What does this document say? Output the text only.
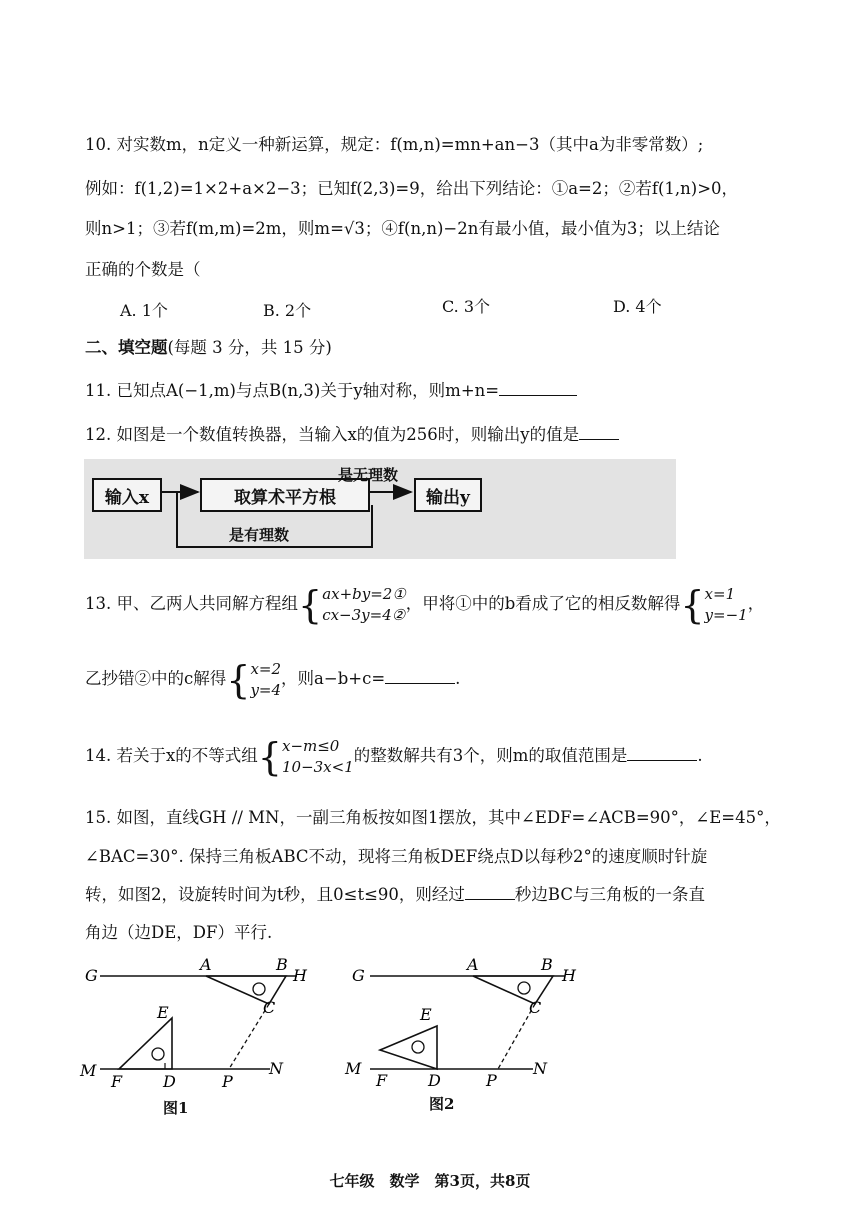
10. 对实数m，n定义一种新运算，规定：f(m,n)=mn+an−3（其中a为非零常数）;
例如：f(1,2)=1×2+a×2−3；已知f(2,3)=9，给出下列结论：①a=2；②若f(1,n)>0，
则n>1；③若f(m,m)=2m，则m=√3；④f(n,n)−2n有最小值，最小值为3；以上结论
正确的个数是（
A. 1个	B. 2个	C. 3个	D. 4个
二、填空题(每题 3 分，共 15 分)
11. 已知点A(−1,m)与点B(n,3)关于y轴对称，则m+n=
12. 如图是一个数值转换器，当输入x的值为256时，则输出y的值是
输入x	取算术平方根	输出y
是无理数
是有理数
13. 甲、乙两人共同解方程组{ax+by=2①
cx−3y=4②，甲将①中的b看成了它的相反数解得{x=1
y=−1，
乙抄错②中的c解得{x=2
y=4，则a−b+c=	.
14. 若关于x的不等式组{x−m≤0
10−3x<1的整数解共有3个，则m的取值范围是	.
15. 如图，直线GH // MN，一副三角板按如图1摆放，其中∠EDF=∠ACB=90°，∠E=45°，
∠BAC=30°. 保持三角板ABC不动，现将三角板DEF绕点D以每秒2°的速度顺时针旋
转，如图2，设旋转时间为t秒，且0≤t≤90，则经过	秒边BC与三角板的一条直
角边（边DE，DF）平行.
G
A	B
H
C
E
M
F	D	P
N
图1
G
A	B
H
C
E
M
F	D	P
N
图2
七年级　数学　第3页，共8页
